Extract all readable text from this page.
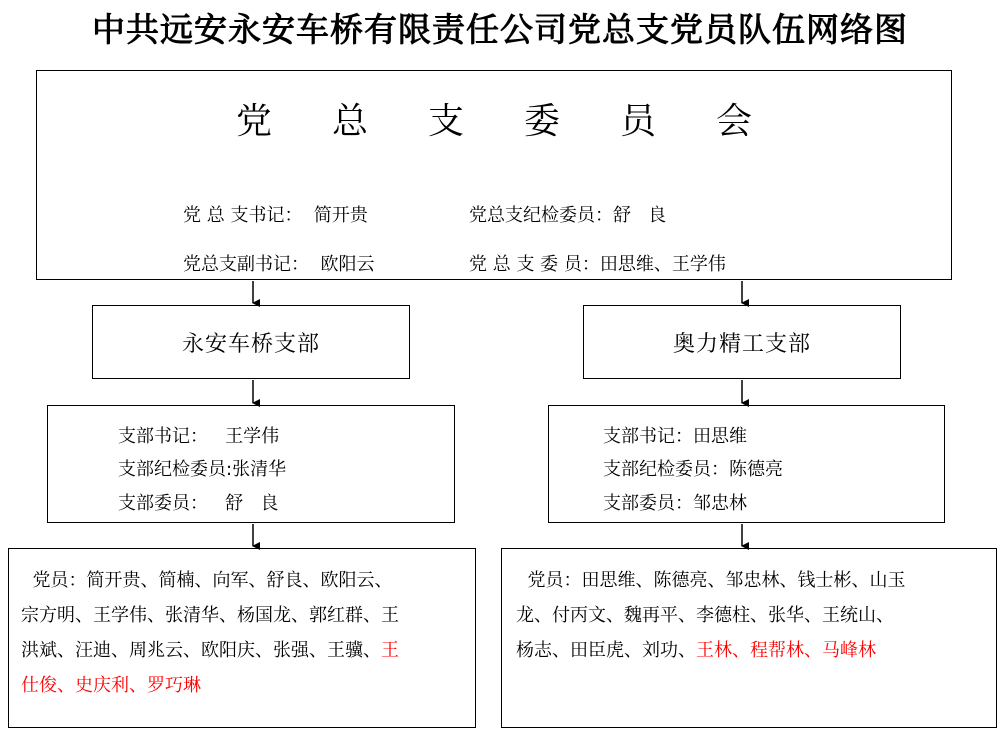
中共远安永安车桥有限责任公司党总支党员队伍网络图
党总支委员会
党 总 支书记：  简开贵	党总支纪检委员：舒   良
党总支副书记：  欧阳云	党 总 支 委 员：田思维、王学伟
永安车桥支部	奥力精工支部
支部书记：   王学伟
支部纪检委员:张清华
支部委员：   舒   良
支部书记：田思维
支部纪检委员：陈德亮
支部委员：邹忠林
党员：简开贵、简楠、向军、舒良、欧阳云、
宗方明、王学伟、张清华、杨国龙、郭红群、王
洪斌、汪迪、周兆云、欧阳庆、张强、王骥、王
仕俊、史庆利、罗巧琳
党员：田思维、陈德亮、邹忠林、钱士彬、山玉
龙、付丙文、魏再平、李德柱、张华、王统山、
杨志、田臣虎、刘功、王林、程帮林、马峰林
